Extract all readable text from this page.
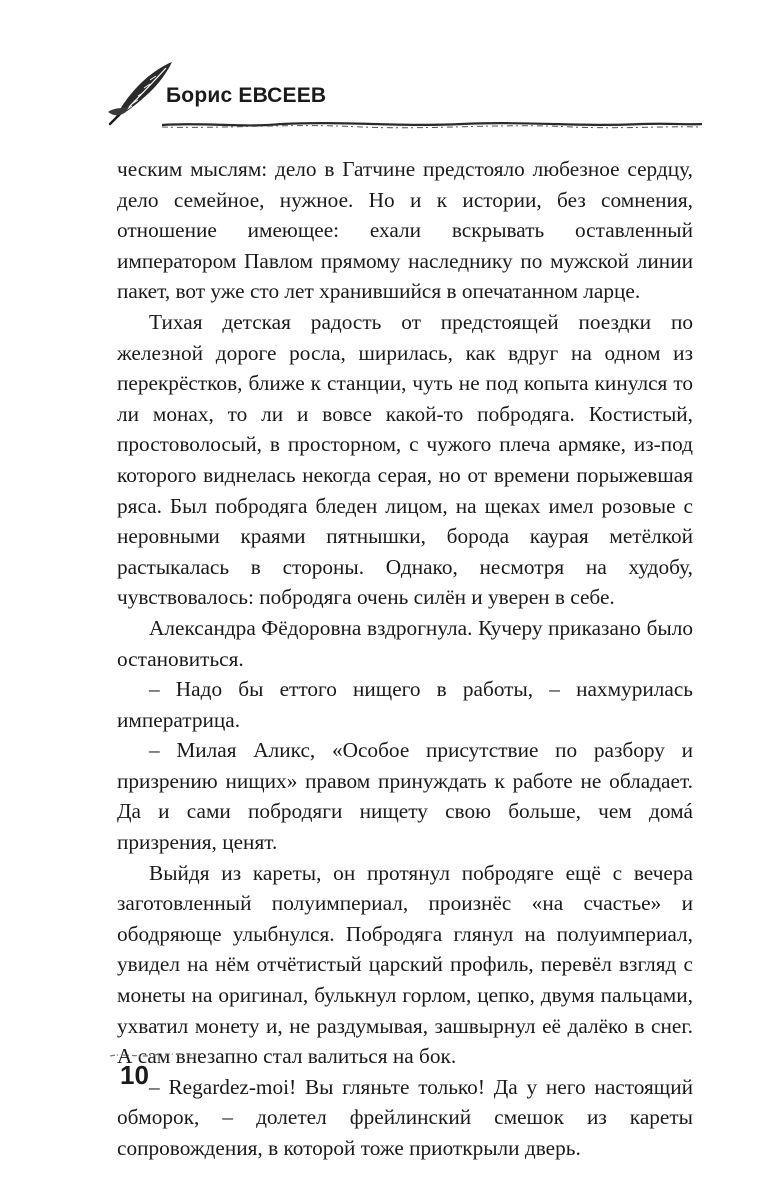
Борис ЕВСЕЕВ

ческим мыслям: дело в Гатчине предстояло любезное сердцу, дело семейное, нужное. Но и к истории, без сомнения, отношение имеющее: ехали вскрывать оставленный императором Павлом прямому наследнику по мужской линии пакет, вот уже сто лет хранившийся в опечатанном ларце.

Тихая детская радость от предстоящей поездки по железной дороге росла, ширилась, как вдруг на одном из перекрёстков, ближе к станции, чуть не под копыта кинулся то ли монах, то ли и вовсе какой-то побродяга. Костистый, простоволосый, в просторном, с чужого плеча армяке, из-под которого виднелась некогда серая, но от времени порыжевшая ряса. Был побродяга бледен лицом, на щеках имел розовые с неровными краями пятнышки, борода каурая метёлкой растыкалась в стороны. Однако, несмотря на худобу, чувствовалось: побродяга очень силён и уверен в себе.

Александра Фёдоровна вздрогнула. Кучеру приказано было остановиться.

– Надо бы еттого нищего в работы, – нахмурилась императрица.

– Милая Аликс, «Особое присутствие по разбору и призрению нищих» правом принуждать к работе не обладает. Да и сами побродяги нищету свою больше, чем домá призрения, ценят.

Выйдя из кареты, он протянул побродяге ещё с вечера заготовленный полуимпериал, произнёс «на счастье» и ободряюще улыбнулся. Побродяга глянул на полуимпериал, увидел на нём отчётистый царский профиль, перевёл взгляд с монеты на оригинал, булькнул горлом, цепко, двумя пальцами, ухватил монету и, не раздумывая, зашвырнул её далёко в снег. А сам внезапно стал валиться на бок.

– Regardez-moi! Вы гляньте только! Да у него настоящий обморок, – долетел фрейлинский смешок из кареты сопровождения, в которой тоже приоткрыли дверь.

10
